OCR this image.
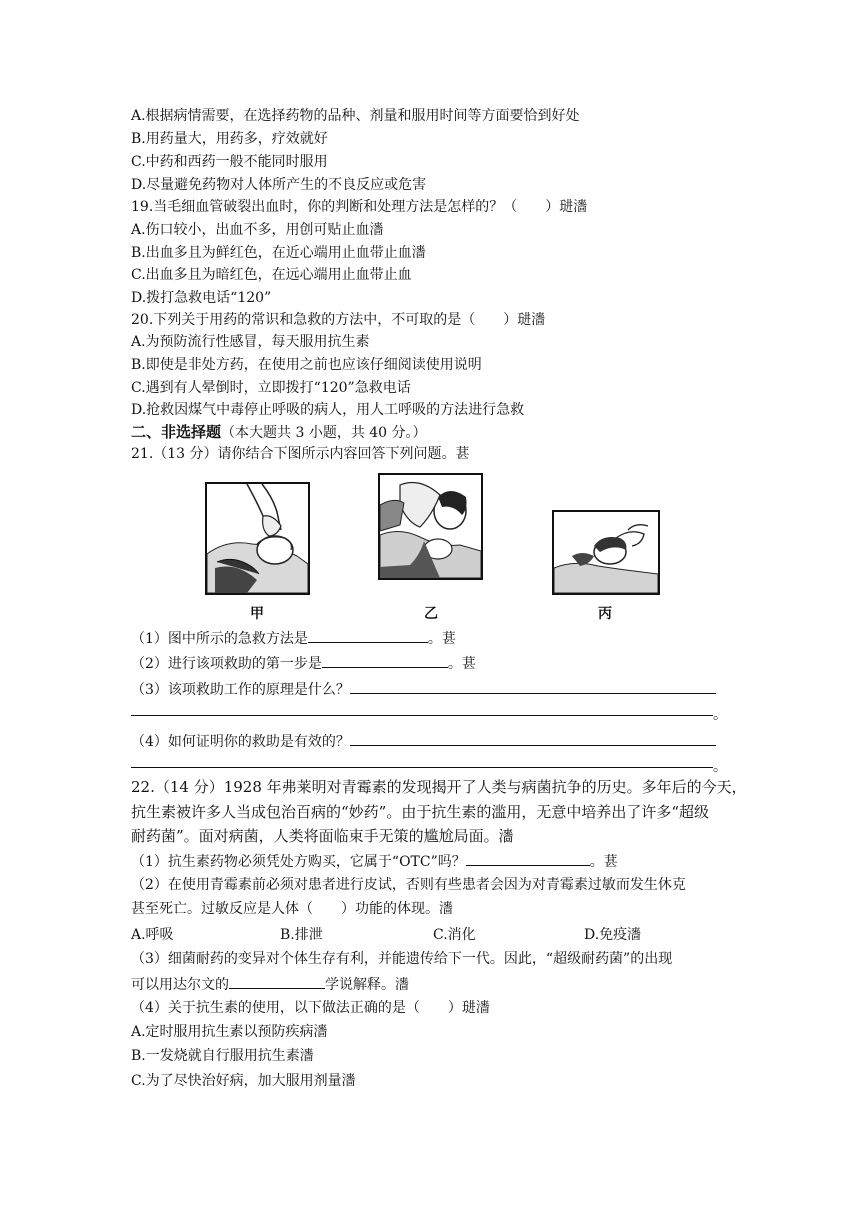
A.根据病情需要，在选择药物的品种、剂量和服用时间等方面要恰到好处
B.用药量大，用药多，疗效就好
C.中药和西药一般不能同时服用
D.尽量避免药物对人体所产生的不良反应或危害
19.当毛细血管破裂出血时，你的判断和处理方法是怎样的？（　　）琎瀒
A.伤口较小，出血不多，用创可贴止血瀒
B.出血多且为鲜红色，在近心端用止血带止血瀒
C.出血多且为暗红色，在远心端用止血带止血
D.拨打急救电话“120”
20.下列关于用药的常识和急救的方法中，不可取的是（　　）琎瀒
A.为预防流行性感冒，每天服用抗生素
B.即使是非处方药，在使用之前也应该仔细阅读使用说明
C.遇到有人晕倒时，立即拨打“120”急救电话
D.抢救因煤气中毒停止呼吸的病人，用人工呼吸的方法进行急救
二、非选择题（本大题共 3 小题，共 40 分。）
21.（13 分）请你结合下图所示内容回答下列问题。葚
甲	乙	丙
（1）图中所示的急救方法是	。葚
（2）进行该项救助的第一步是	。葚
（3）该项救助工作的原理是什么？
。
（4）如何证明你的救助是有效的？
。
22.（14 分）1928 年弗莱明对青霉素的发现揭开了人类与病菌抗争的历史。多年后的今天，
抗生素被许多人当成包治百病的“妙药”。由于抗生素的滥用，无意中培养出了许多“超级
耐药菌”。面对病菌，人类将面临束手无策的尴尬局面。瀒
（1）抗生素药物必须凭处方购买，它属于“OTC”吗？	。葚
（2）在使用青霉素前必须对患者进行皮试，否则有些患者会因为对青霉素过敏而发生休克
甚至死亡。过敏反应是人体（　　）功能的体现。瀒
A.呼吸	B.排泄	C.消化	D.免疫瀒
（3）细菌耐药的变异对个体生存有利，并能遗传给下一代。因此，“超级耐药菌”的出现
可以用达尔文的	学说解释。瀒
（4）关于抗生素的使用，以下做法正确的是（　　）琎瀒
A.定时服用抗生素以预防疾病瀒
B.一发烧就自行服用抗生素瀒
C.为了尽快治好病，加大服用剂量瀒
